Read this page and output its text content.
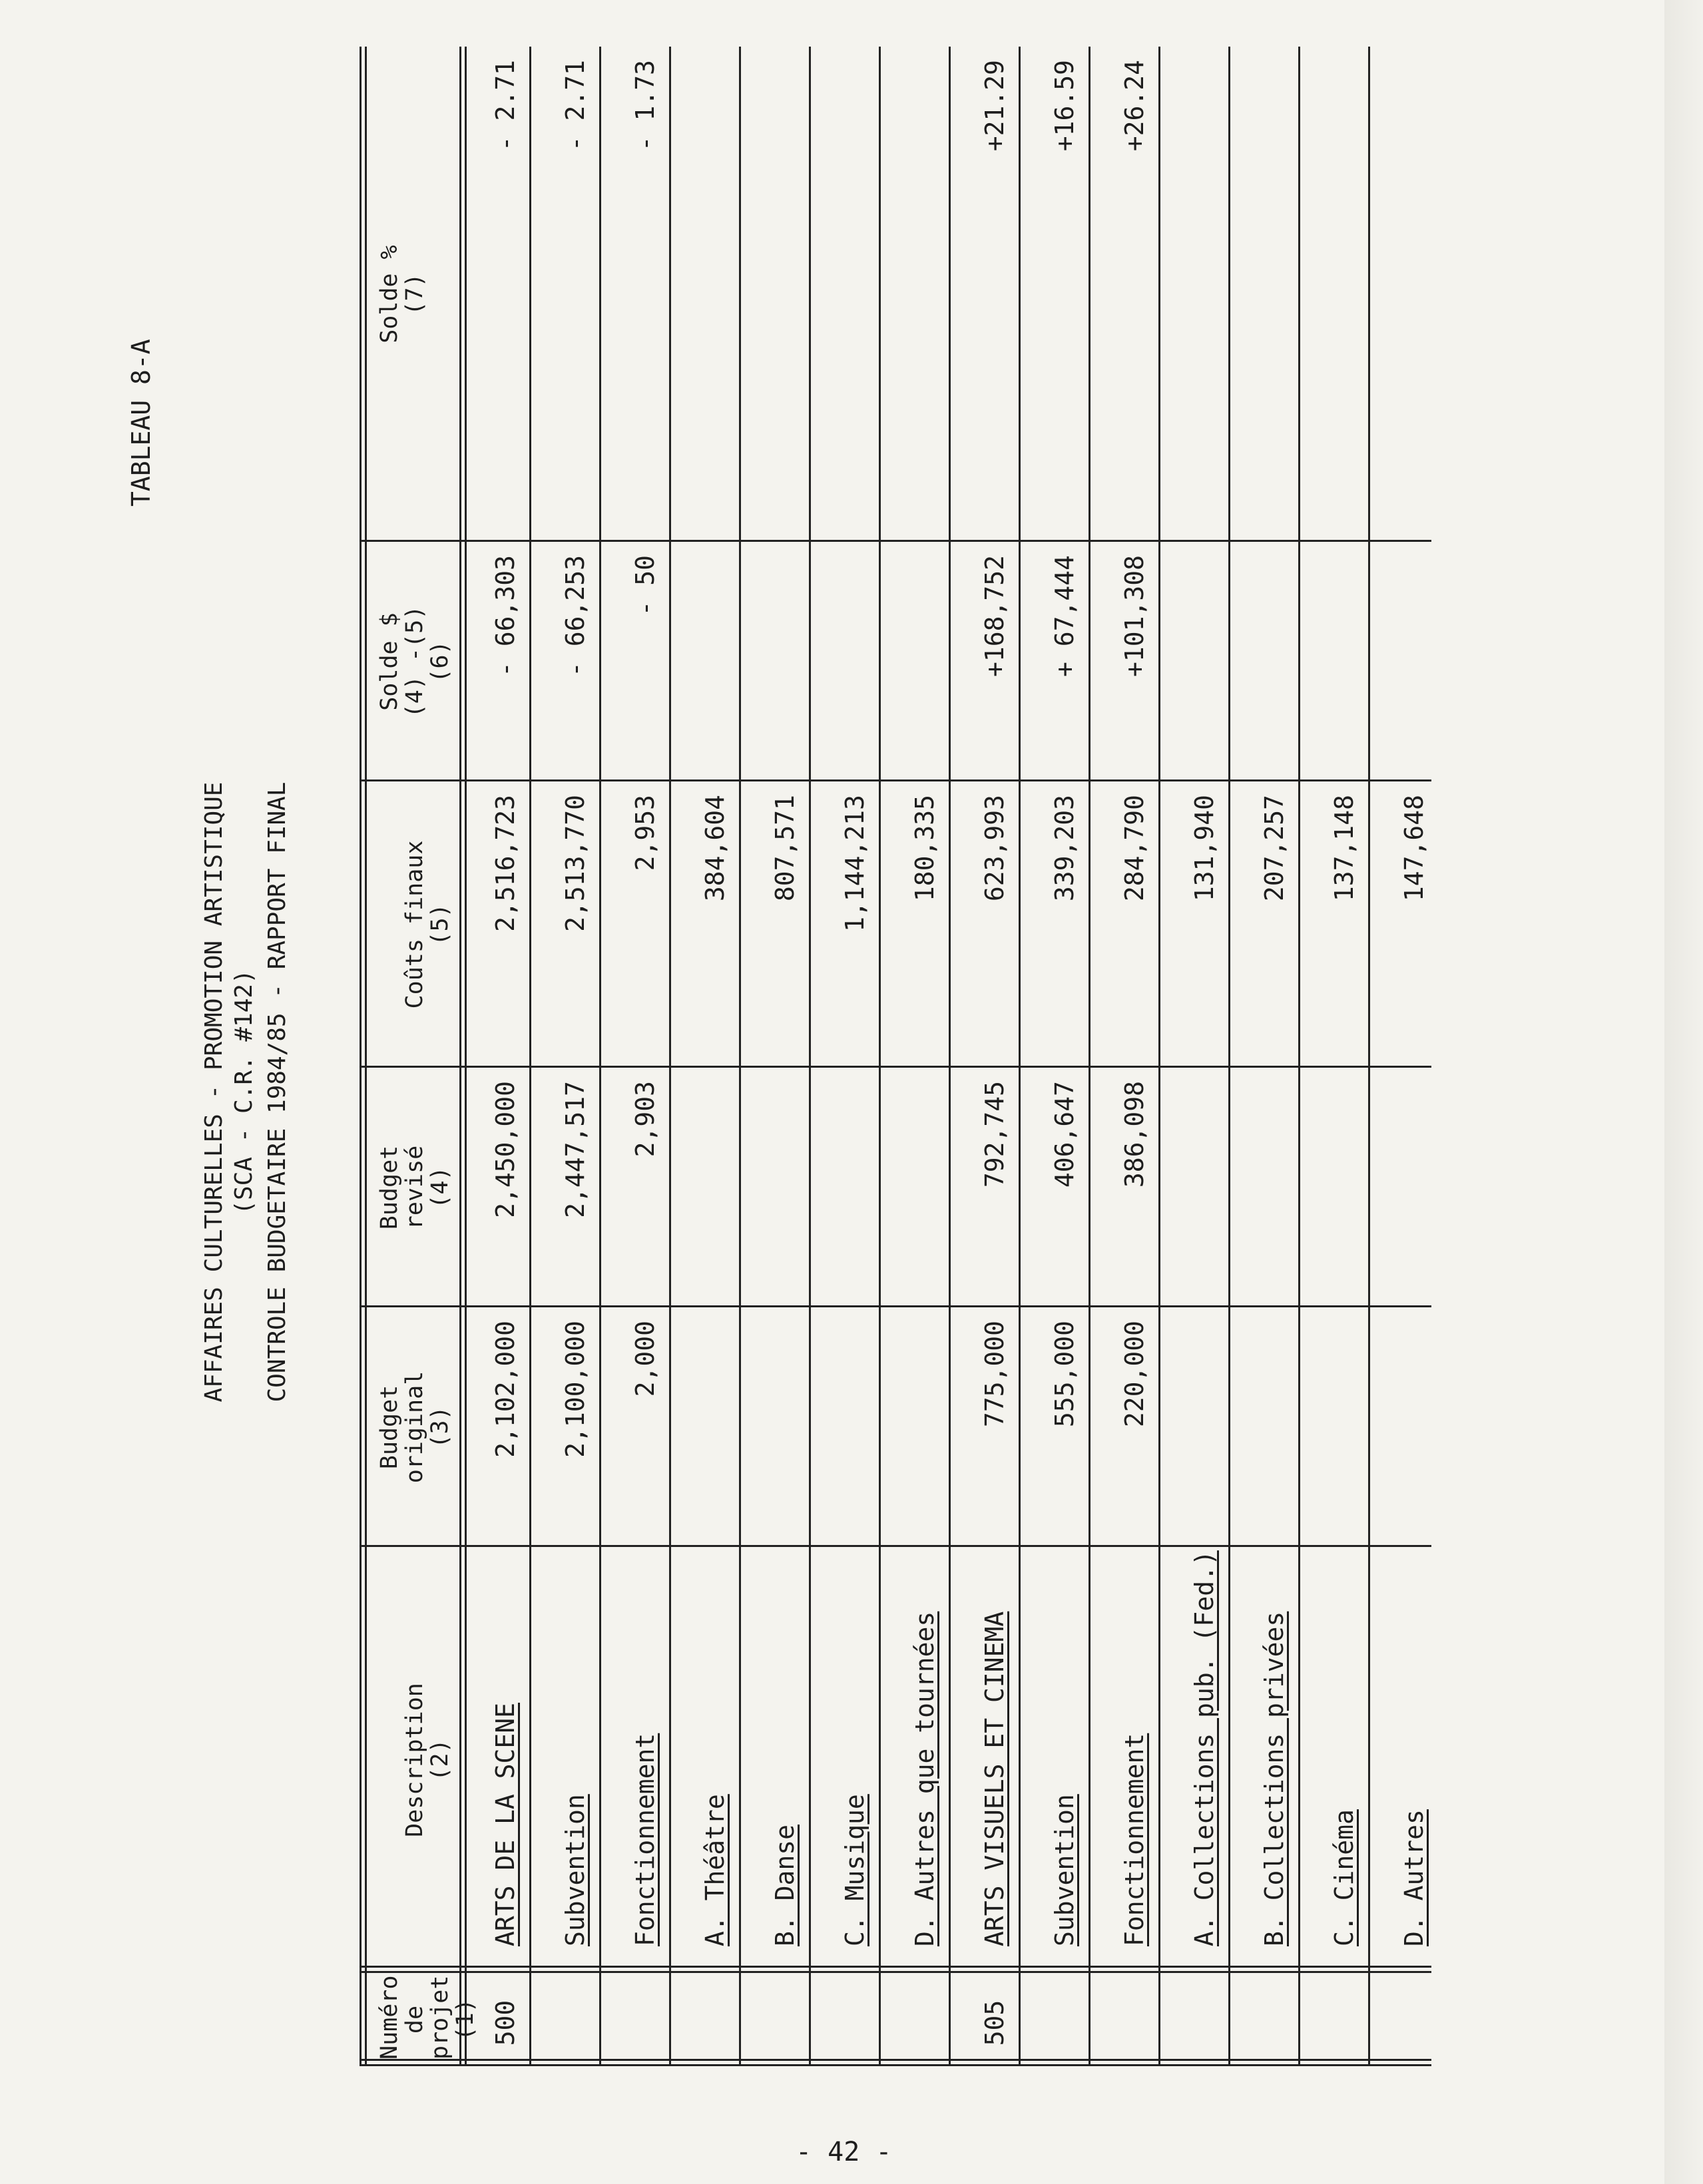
TABLEAU 8-A
AFFAIRES CULTURELLES - PROMOTION ARTISTIQUE (SCA - C.R. #142) CONTROLE BUDGETAIRE 1984/85 - RAPPORT FINAL
Numéro
de projet
(1)
Description
(2)
Budget
original
(3)
Budget
revisé
(4)
Coûts finaux
(5)
Solde $
(4) -(5)
(6)
Solde %
(7)
500
ARTS DE LA SCENE
2,102,000
2,450,000
2,516,723
- 66,303
- 2.71
Subvention
2,100,000
2,447,517
2,513,770
- 66,253
- 2.71
Fonctionnement
2,000
2,903
2,953
- 50
- 1.73
A. Théâtre
384,604
B. Danse
807,571
C. Musique
1,144,213
D. Autres que tournées
180,335
505
ARTS VISUELS ET CINEMA
775,000
792,745
623,993
+168,752
+21.29
Subvention
555,000
406,647
339,203
+ 67,444
+16.59
Fonctionnement
220,000
386,098
284,790
+101,308
+26.24
A. Collections pub. (Fed.)
131,940
B. Collections privées
207,257
C. Cinéma
137,148
D. Autres
147,648
- 42 -
